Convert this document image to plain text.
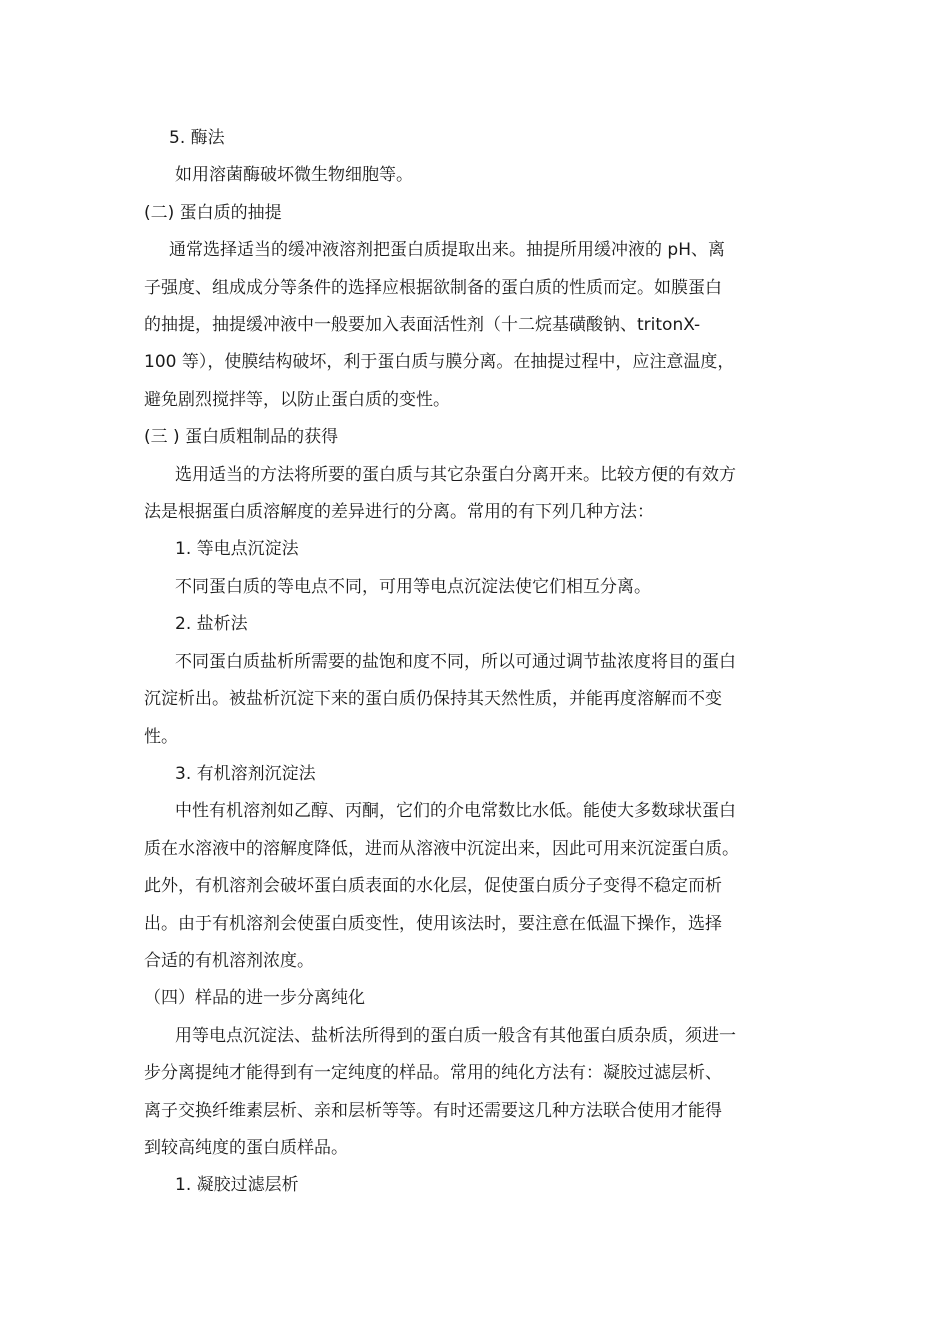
5. 酶法
如用溶菌酶破坏微生物细胞等。
(二) 蛋白质的抽提
通常选择适当的缓冲液溶剂把蛋白质提取出来。抽提所用缓冲液的 pH、离
子强度、组成成分等条件的选择应根据欲制备的蛋白质的性质而定。如膜蛋白
的抽提，抽提缓冲液中一般要加入表面活性剂（十二烷基磺酸钠、tritonX-
100 等），使膜结构破坏，利于蛋白质与膜分离。在抽提过程中，应注意温度，
避免剧烈搅拌等，以防止蛋白质的变性。
(三 ) 蛋白质粗制品的获得
选用适当的方法将所要的蛋白质与其它杂蛋白分离开来。比较方便的有效方
法是根据蛋白质溶解度的差异进行的分离。常用的有下列几种方法：
1. 等电点沉淀法
不同蛋白质的等电点不同，可用等电点沉淀法使它们相互分离。
2. 盐析法
不同蛋白质盐析所需要的盐饱和度不同，所以可通过调节盐浓度将目的蛋白
沉淀析出。被盐析沉淀下来的蛋白质仍保持其天然性质，并能再度溶解而不变
性。
3. 有机溶剂沉淀法
中性有机溶剂如乙醇、丙酮，它们的介电常数比水低。能使大多数球状蛋白
质在水溶液中的溶解度降低，进而从溶液中沉淀出来，因此可用来沉淀蛋白质。
此外，有机溶剂会破坏蛋白质表面的水化层，促使蛋白质分子变得不稳定而析
出。由于有机溶剂会使蛋白质变性，使用该法时，要注意在低温下操作，选择
合适的有机溶剂浓度。
（四）样品的进一步分离纯化
用等电点沉淀法、盐析法所得到的蛋白质一般含有其他蛋白质杂质，须进一
步分离提纯才能得到有一定纯度的样品。常用的纯化方法有：凝胶过滤层析、
离子交换纤维素层析、亲和层析等等。有时还需要这几种方法联合使用才能得
到较高纯度的蛋白质样品。
1. 凝胶过滤层析
